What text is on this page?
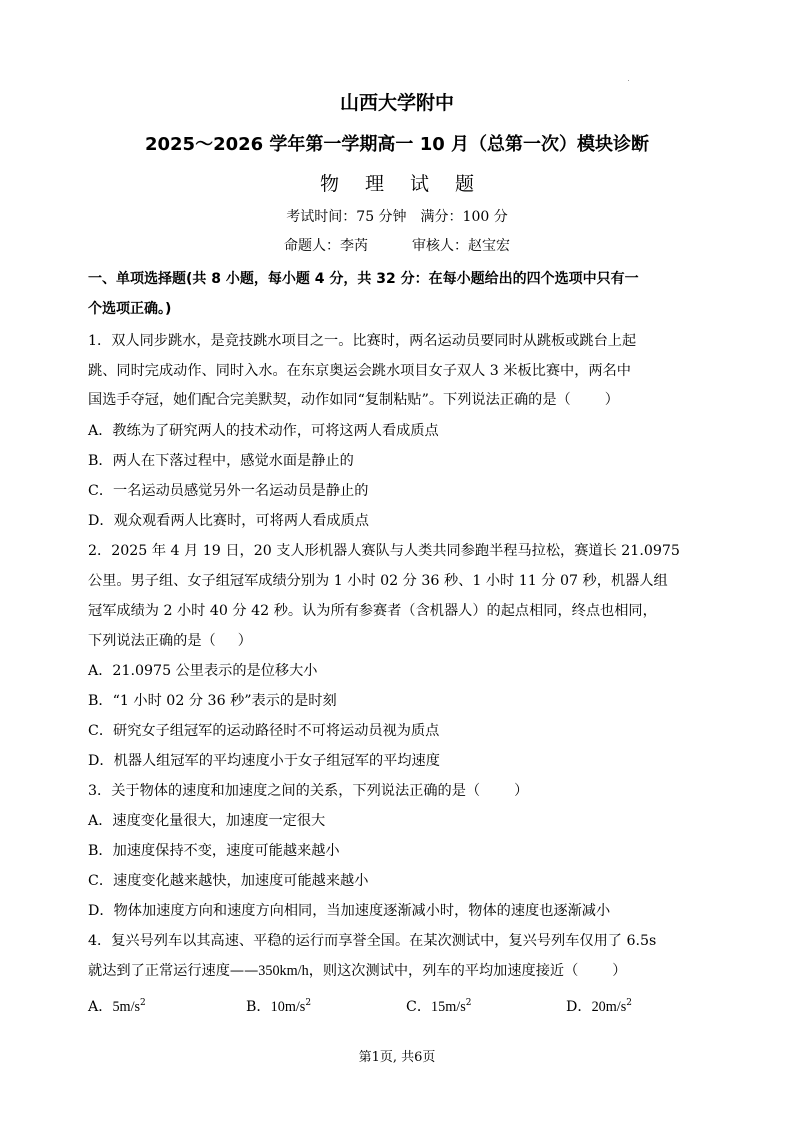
山西大学附中
2025～2026 学年第一学期高一 10 月（总第一次）模块诊断
物 理 试 题
考试时间：75 分钟 满分：100 分
命题人：李芮	审核人：赵宝宏
一、单项选择题(共 8 小题，每小题 4 分，共 32 分：在每小题给出的四个选项中只有一
个选项正确。)
1．双人同步跳水，是竞技跳水项目之一。比赛时，两名运动员要同时从跳板或跳台上起
跳、同时完成动作、同时入水。在东京奥运会跳水项目女子双人 3 米板比赛中，两名中
国选手夺冠，她们配合完美默契，动作如同“复制粘贴”。下列说法正确的是（ ）
A．教练为了研究两人的技术动作，可将这两人看成质点
B．两人在下落过程中，感觉水面是静止的
C．一名运动员感觉另外一名运动员是静止的
D．观众观看两人比赛时，可将两人看成质点
2．2025 年 4 月 19 日，20 支人形机器人赛队与人类共同参跑半程马拉松，赛道长 21.0975
公里。男子组、女子组冠军成绩分别为 1 小时 02 分 36 秒、1 小时 11 分 07 秒，机器人组
冠军成绩为 2 小时 40 分 42 秒。认为所有参赛者（含机器人）的起点相同，终点也相同，
下列说法正确的是（ ）
A．21.0975 公里表示的是位移大小
B．“1 小时 02 分 36 秒”表示的是时刻
C．研究女子组冠军的运动路径时不可将运动员视为质点
D．机器人组冠军的平均速度小于女子组冠军的平均速度
3．关于物体的速度和加速度之间的关系，下列说法正确的是（ ）
A．速度变化量很大，加速度一定很大
B．加速度保持不变，速度可能越来越小
C．速度变化越来越快，加速度可能越来越小
D．物体加速度方向和速度方向相同，当加速度逐渐减小时，物体的速度也逐渐减小
4．复兴号列车以其高速、平稳的运行而享誉全国。在某次测试中，复兴号列车仅用了 6.5s
就达到了正常运行速度——350km/h，则这次测试中，列车的平均加速度接近（ ）
A．$5m/s^2$	B．$10m/s^2$	C．$15m/s^2$	D．$20m/s^2$
第1页, 共6页
